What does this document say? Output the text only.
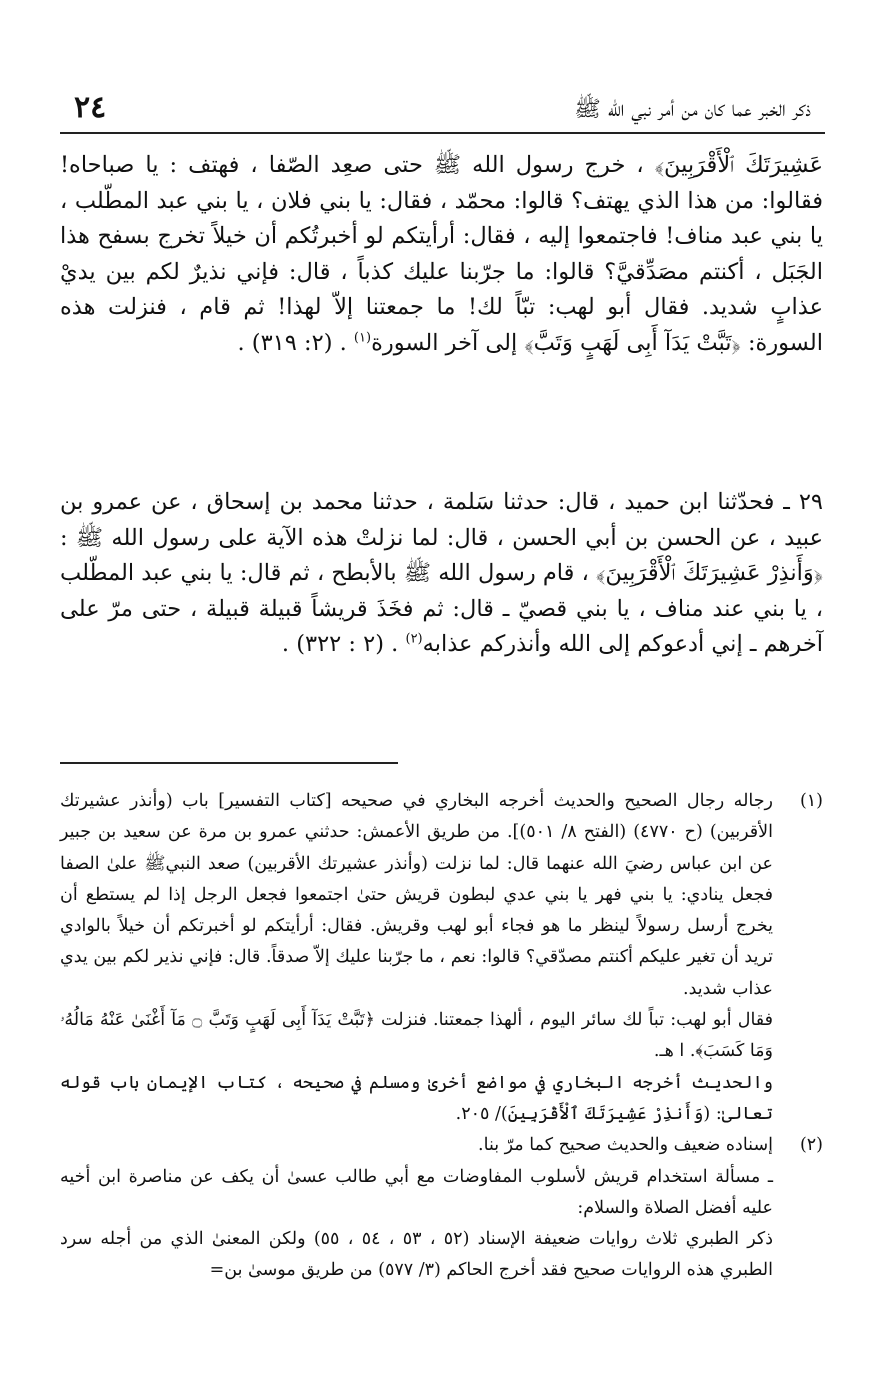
ذكر الخبر عما كان من أمر نبي الله ﷺ
٢٤

عَشِيرَتَكَ ٱلْأَقْرَبِينَ﴾ ، خرج رسول الله ﷺ حتى صعِد الصّفا ، فهتف : يا صباحاه! فقالوا: من هذا الذي يهتف؟ قالوا: محمّد ، فقال: يا بني فلان ، يا بني عبد المطّلب ، يا بني عبد مناف! فاجتمعوا إليه ، فقال: أرأيتكم لو أخبرتُكم أن خيلاً تخرج بسفح هذا الجَبَل ، أكنتم مصَدِّقيَّ؟ قالوا: ما جرّبنا عليك كذباً ، قال: فإني نذيرٌ لكم بين يديْ عذابٍ شديد. فقال أبو لهب: تبّاً لك! ما جمعتنا إلاّ لهذا! ثم قام ، فنزلت هذه السورة: ﴿تَبَّتْ يَدَآ أَبِى لَهَبٍ وَتَبَّ﴾ إلى آخر السورة$^{(١)}$ . (٢: ٣١٩) .

٢٩ ـ فحدّثنا ابن حميد ، قال: حدثنا سَلمة ، حدثنا محمد بن إسحاق ، عن عمرو بن عبيد ، عن الحسن بن أبي الحسن ، قال: لما نزلتْ هذه الآية على رسول الله ﷺ : ﴿وَأَنذِرْ عَشِيرَتَكَ ٱلْأَقْرَبِينَ﴾ ، قام رسول الله ﷺ بالأبطح ، ثم قال: يا بني عبد المطّلب ، يا بني عند مناف ، يا بني قصيّ ـ قال: ثم فخَذَ قريشاً قبيلة قبيلة ، حتى مرّ على آخرهم ـ إني أدعوكم إلى الله وأنذركم عذابه$^{(٢)}$ . (٢ : ٣٢٢) .

(١)

رجاله رجال الصحيح والحديث أخرجه البخاري في صحيحه [كتاب التفسير] باب (وأنذر عشيرتك الأقربين) (ح ٤٧٧٠) (الفتح ٨/ ٥٠١)]. من طريق الأعمش: حدثني عمرو بن مرة عن سعيد بن جبير عن ابن عباس رضيَ الله عنهما قال: لما نزلت (وأنذر عشيرتك الأقربين) صعد النبيﷺ علىٰ الصفا فجعل ينادي: يا بني فهر يا بني عدي لبطون قريش حتىٰ اجتمعوا فجعل الرجل إذا لم يستطع أن يخرج أرسل رسولاً لينظر ما هو فجاء أبو لهب وقريش. فقال: أرأيتكم لو أخبرتكم أن خيلاً بالوادي تريد أن تغير عليكم أكنتم مصدّقي؟ قالوا: نعم ، ما جرّبنا عليك إلاّ صدقاً. قال: فإني نذير لكم بين يدي عذاب شديد.

فقال أبو لهب: تباً لك سائر اليوم ، ألهذا جمعتنا. فنزلت ﴿تَبَّتْ يَدَآ أَبِى لَهَبٍ وَتَبَّ ۝ مَآ أَغْنَىٰ عَنْهُ مَالُهُۥ وَمَا كَسَبَ﴾. ا هـ.

والحديث أخرجه البخاري في مواضع أخرىٰ ومسلم في صحيحه ، كتاب الإيمان باب قوله تعالىٰ: (وَأَنذِرْ عَشِيرَتَكَ ٱلْأَقْرَبِينَ)/ ٢٠٥.

(٢)

إسناده ضعيف والحديث صحيح كما مرّ بنا.

ـ مسألة استخدام قريش لأسلوب المفاوضات مع أبي طالب عسىٰ أن يكف عن مناصرة ابن أخيه عليه أفضل الصلاة والسلام:

ذكر الطبري ثلاث روايات ضعيفة الإسناد (٥٢ ، ٥٣ ، ٥٤ ، ٥٥) ولكن المعنىٰ الذي من أجله سرد الطبري هذه الروايات صحيح فقد أخرج الحاكم (٣/ ٥٧٧) من طريق موسىٰ بن=
